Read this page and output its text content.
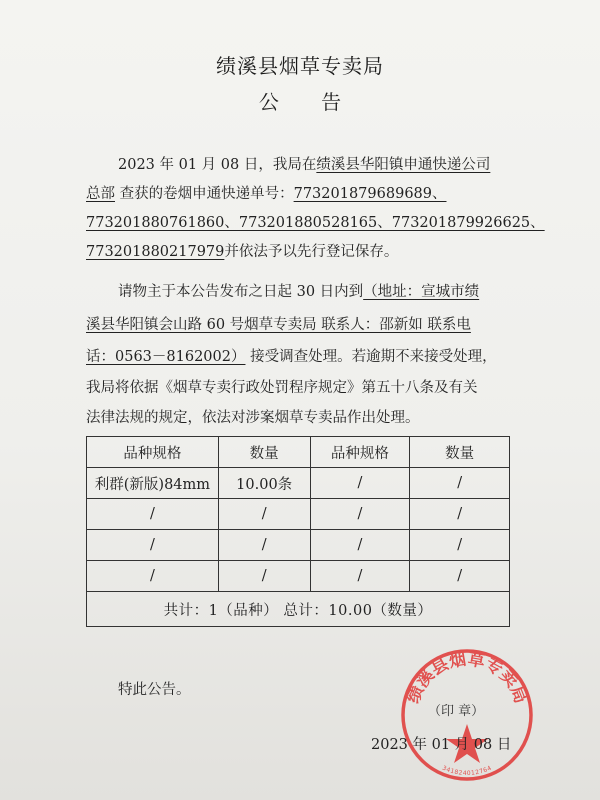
绩溪县烟草专卖局
公 告
2023 年 01 月 08 日，我局在绩溪县华阳镇申通快递公司
总部 查获的卷烟申通快递单号：773201879689689、
773201880761860、773201880528165、773201879926625、
773201880217979并依法予以先行登记保存。
请物主于本公告发布之日起 30 日内到（地址：宣城市绩
溪县华阳镇会山路 60 号烟草专卖局 联系人：邵新如 联系电
话：0563－8162002） 接受调查处理。若逾期不来接受处理，
我局将依据《烟草专卖行政处罚程序规定》第五十八条及有关
法律法规的规定，依法对涉案烟草专卖品作出处理。
品种规格	数量	品种规格	数量
利群(新版)84mm	10.00条	/	/
/	/	/	/
/	/	/	/
/	/	/	/
共计：1（品种） 总计：10.00（数量）			
特此公告。	绩溪县烟草专卖局
341824012764
（印 章）
2023 年 01 月 08 日
